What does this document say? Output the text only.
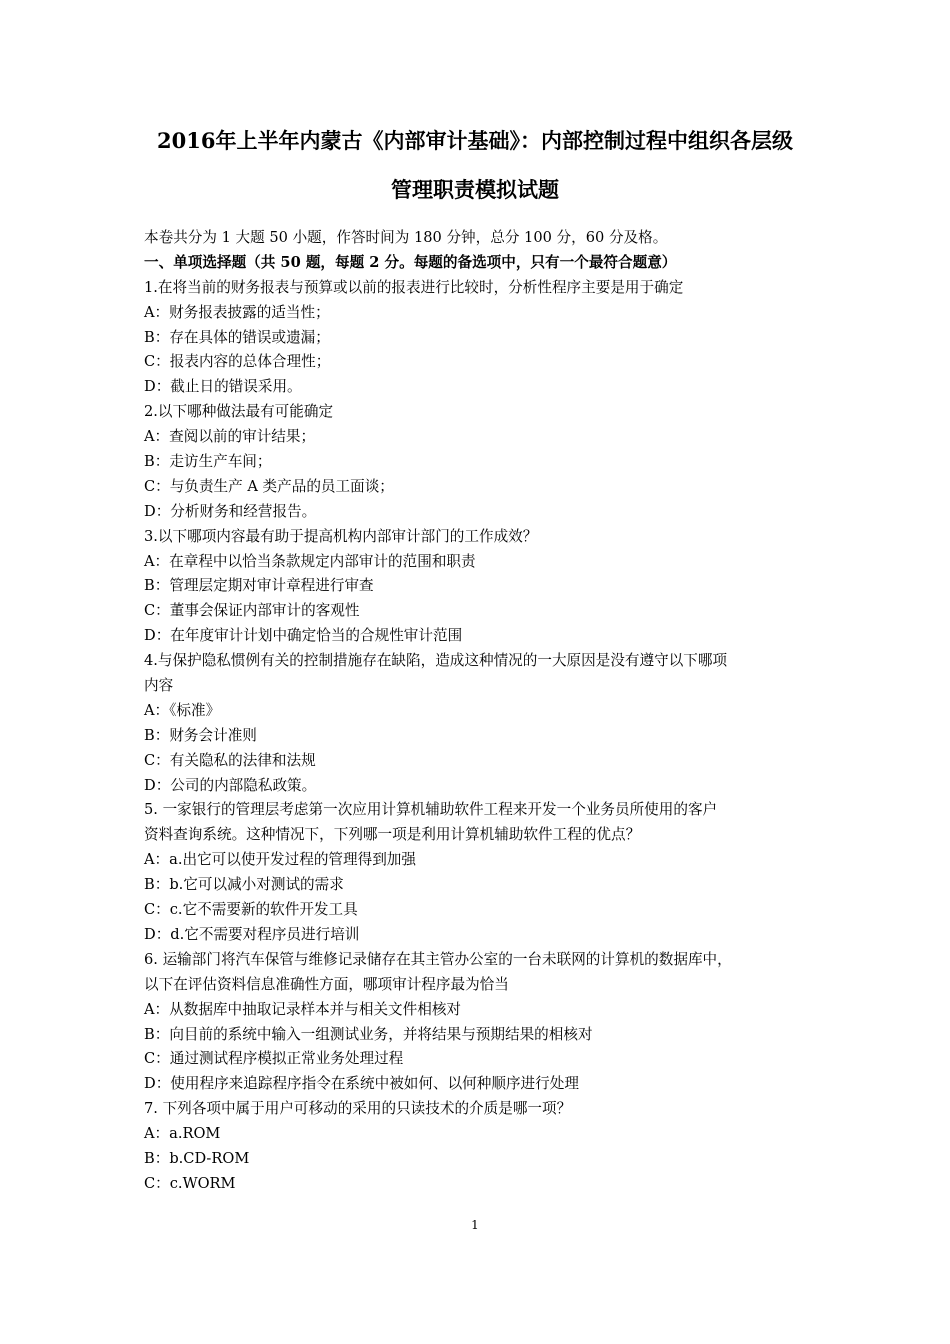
2016年上半年内蒙古《内部审计基础》：内部控制过程中组织各层级
管理职责模拟试题
本卷共分为 1 大题 50 小题，作答时间为 180 分钟，总分 100 分，60 分及格。
一、单项选择题（共 50 题，每题 2 分。每题的备选项中，只有一个最符合题意）
1.在将当前的财务报表与预算或以前的报表进行比较时，分析性程序主要是用于确定
A：财务报表披露的适当性；
B：存在具体的错误或遗漏；
C：报表内容的总体合理性；
D：截止日的错误采用。
2.以下哪种做法最有可能确定
A：查阅以前的审计结果；
B：走访生产车间；
C：与负责生产 A 类产品的员工面谈；
D：分析财务和经营报告。
3.以下哪项内容最有助于提高机构内部审计部门的工作成效？
A：在章程中以恰当条款规定内部审计的范围和职责
B：管理层定期对审计章程进行审查
C：董事会保证内部审计的客观性
D：在年度审计计划中确定恰当的合规性审计范围
4.与保护隐私惯例有关的控制措施存在缺陷，造成这种情况的一大原因是没有遵守以下哪项
内容
A：《标准》
B：财务会计准则
C：有关隐私的法律和法规
D：公司的内部隐私政策。
5. 一家银行的管理层考虑第一次应用计算机辅助软件工程来开发一个业务员所使用的客户
资料查询系统。这种情况下，下列哪一项是利用计算机辅助软件工程的优点？
A：a.出它可以使开发过程的管理得到加强
B：b.它可以减小对测试的需求
C：c.它不需要新的软件开发工具
D：d.它不需要对程序员进行培训
6. 运输部门将汽车保管与维修记录储存在其主管办公室的一台未联网的计算机的数据库中，
以下在评估资料信息准确性方面，哪项审计程序最为恰当
A：从数据库中抽取记录样本并与相关文件相核对
B：向目前的系统中输入一组测试业务，并将结果与预期结果的相核对
C：通过测试程序模拟正常业务处理过程
D：使用程序来追踪程序指令在系统中被如何、以何种顺序进行处理
7. 下列各项中属于用户可移动的采用的只读技术的介质是哪一项？
A：a.ROM
B：b.CD-ROM
C：c.WORM
1
